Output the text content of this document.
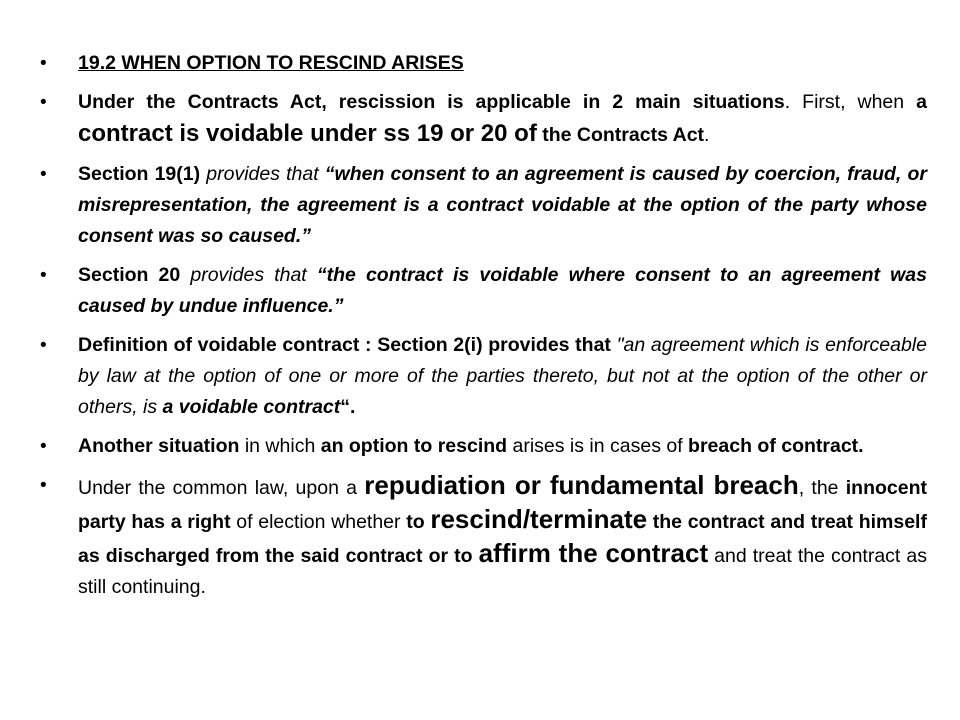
• 19.2 WHEN OPTION TO RESCIND ARISES
• Under the Contracts Act, rescission is applicable in 2 main situations. First, when a contract is voidable under ss 19 or 20 of the Contracts Act.
• Section 19(1) provides that “when consent to an agreement is caused by coercion, fraud, or misrepresentation, the agreement is a contract voidable at the option of the party whose consent was so caused.”
• Section 20 provides that “the contract is voidable where consent to an agreement was caused by undue influence.”
• Definition of voidable contract : Section 2(i) provides that "an agreement which is enforceable by law at the option of one or more of the parties thereto, but not at the option of the other or others, is a voidable contract“.
• Another situation in which an option to rescind arises is in cases of breach of contract.
• Under the common law, upon a repudiation or fundamental breach, the innocent party has a right of election whether to rescind/terminate the contract and treat himself as discharged from the said contract or to affirm the contract and treat the contract as still continuing.
